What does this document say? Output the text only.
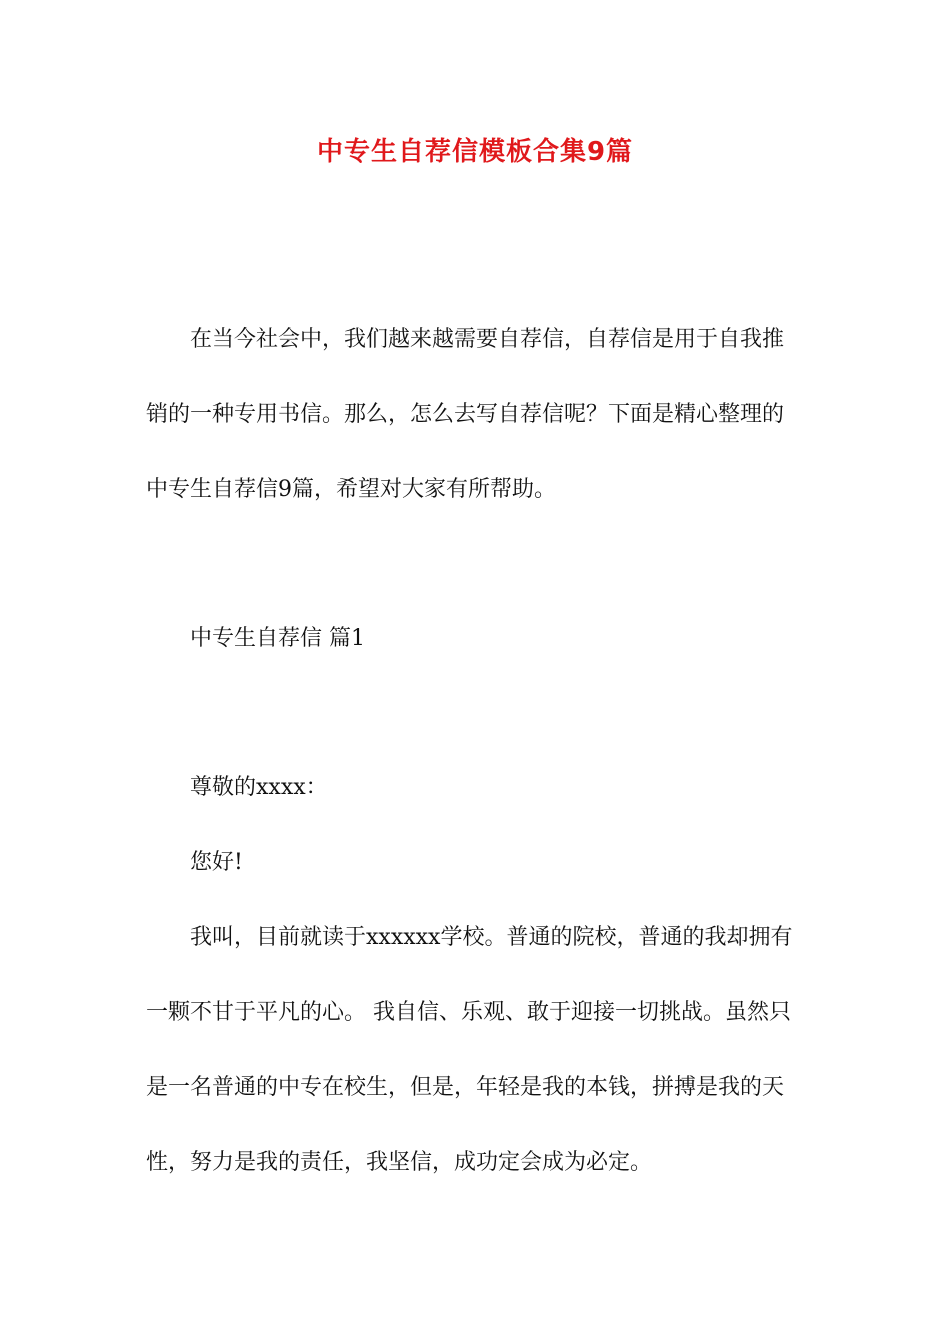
中专生自荐信模板合集9篇
在当今社会中，我们越来越需要自荐信，自荐信是用于自我推
销的一种专用书信。那么，怎么去写自荐信呢？下面是精心整理的
中专生自荐信9篇，希望对大家有所帮助。
中专生自荐信 篇1
尊敬的xxxx：
您好!
我叫，目前就读于xxxxxx学校。普通的院校，普通的我却拥有
一颗不甘于平凡的心。 我自信、乐观、敢于迎接一切挑战。虽然只
是一名普通的中专在校生，但是，年轻是我的本钱，拼搏是我的天
性，努力是我的责任，我坚信，成功定会成为必定。
